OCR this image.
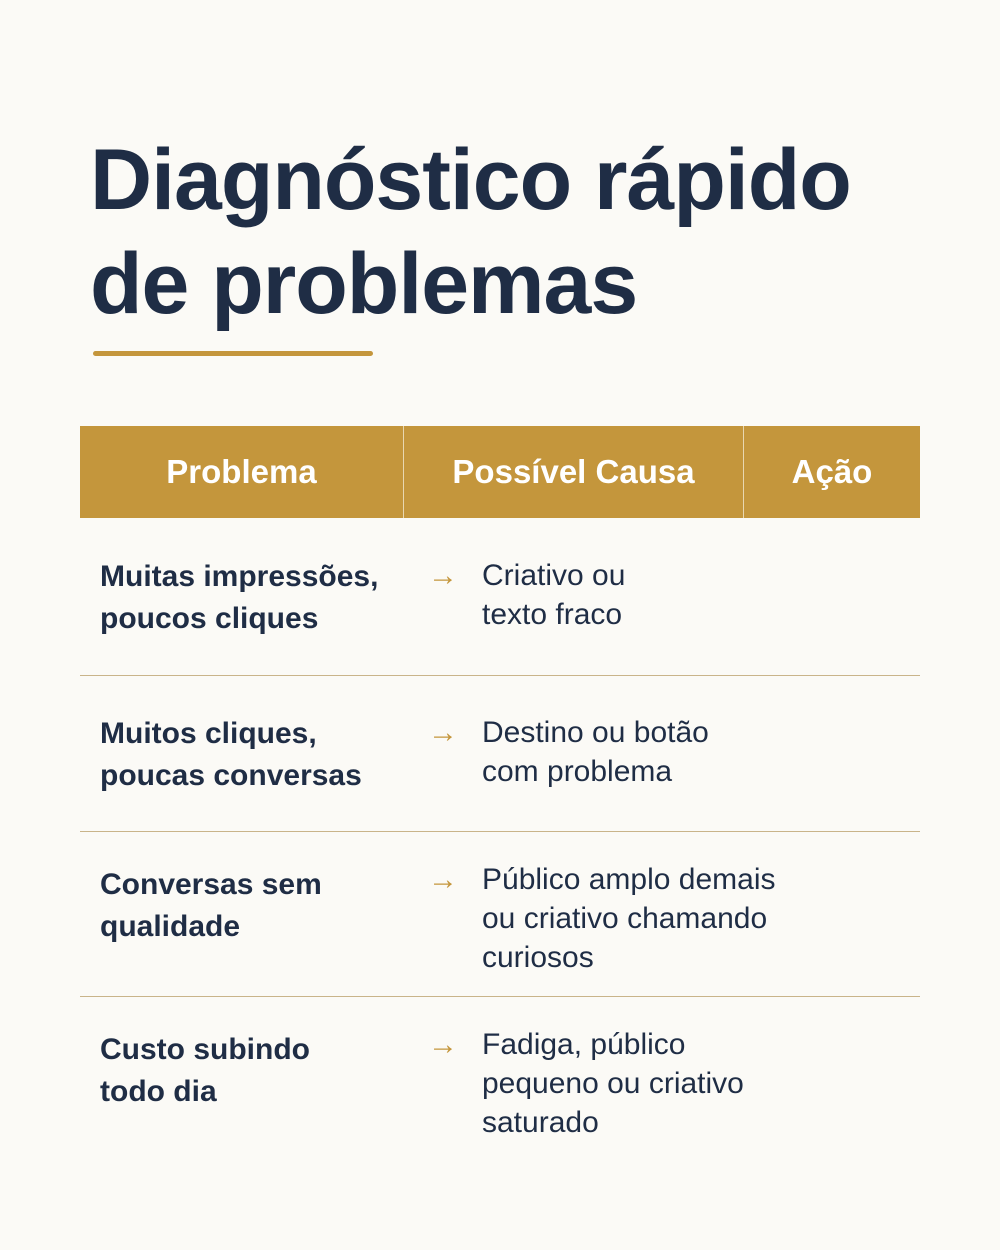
Diagnóstico rápido
de problemas
Problema	Possível Causa	Ação
Muitas impressões,
poucos cliques
→ Criativo ou
texto fraco
Muitos cliques,
poucas conversas
→ Destino ou botão
com problema
Conversas sem
qualidade
→ Público amplo demais
ou criativo chamando
curiosos
Custo subindo
todo dia
→ Fadiga, público
pequeno ou criativo
saturado
